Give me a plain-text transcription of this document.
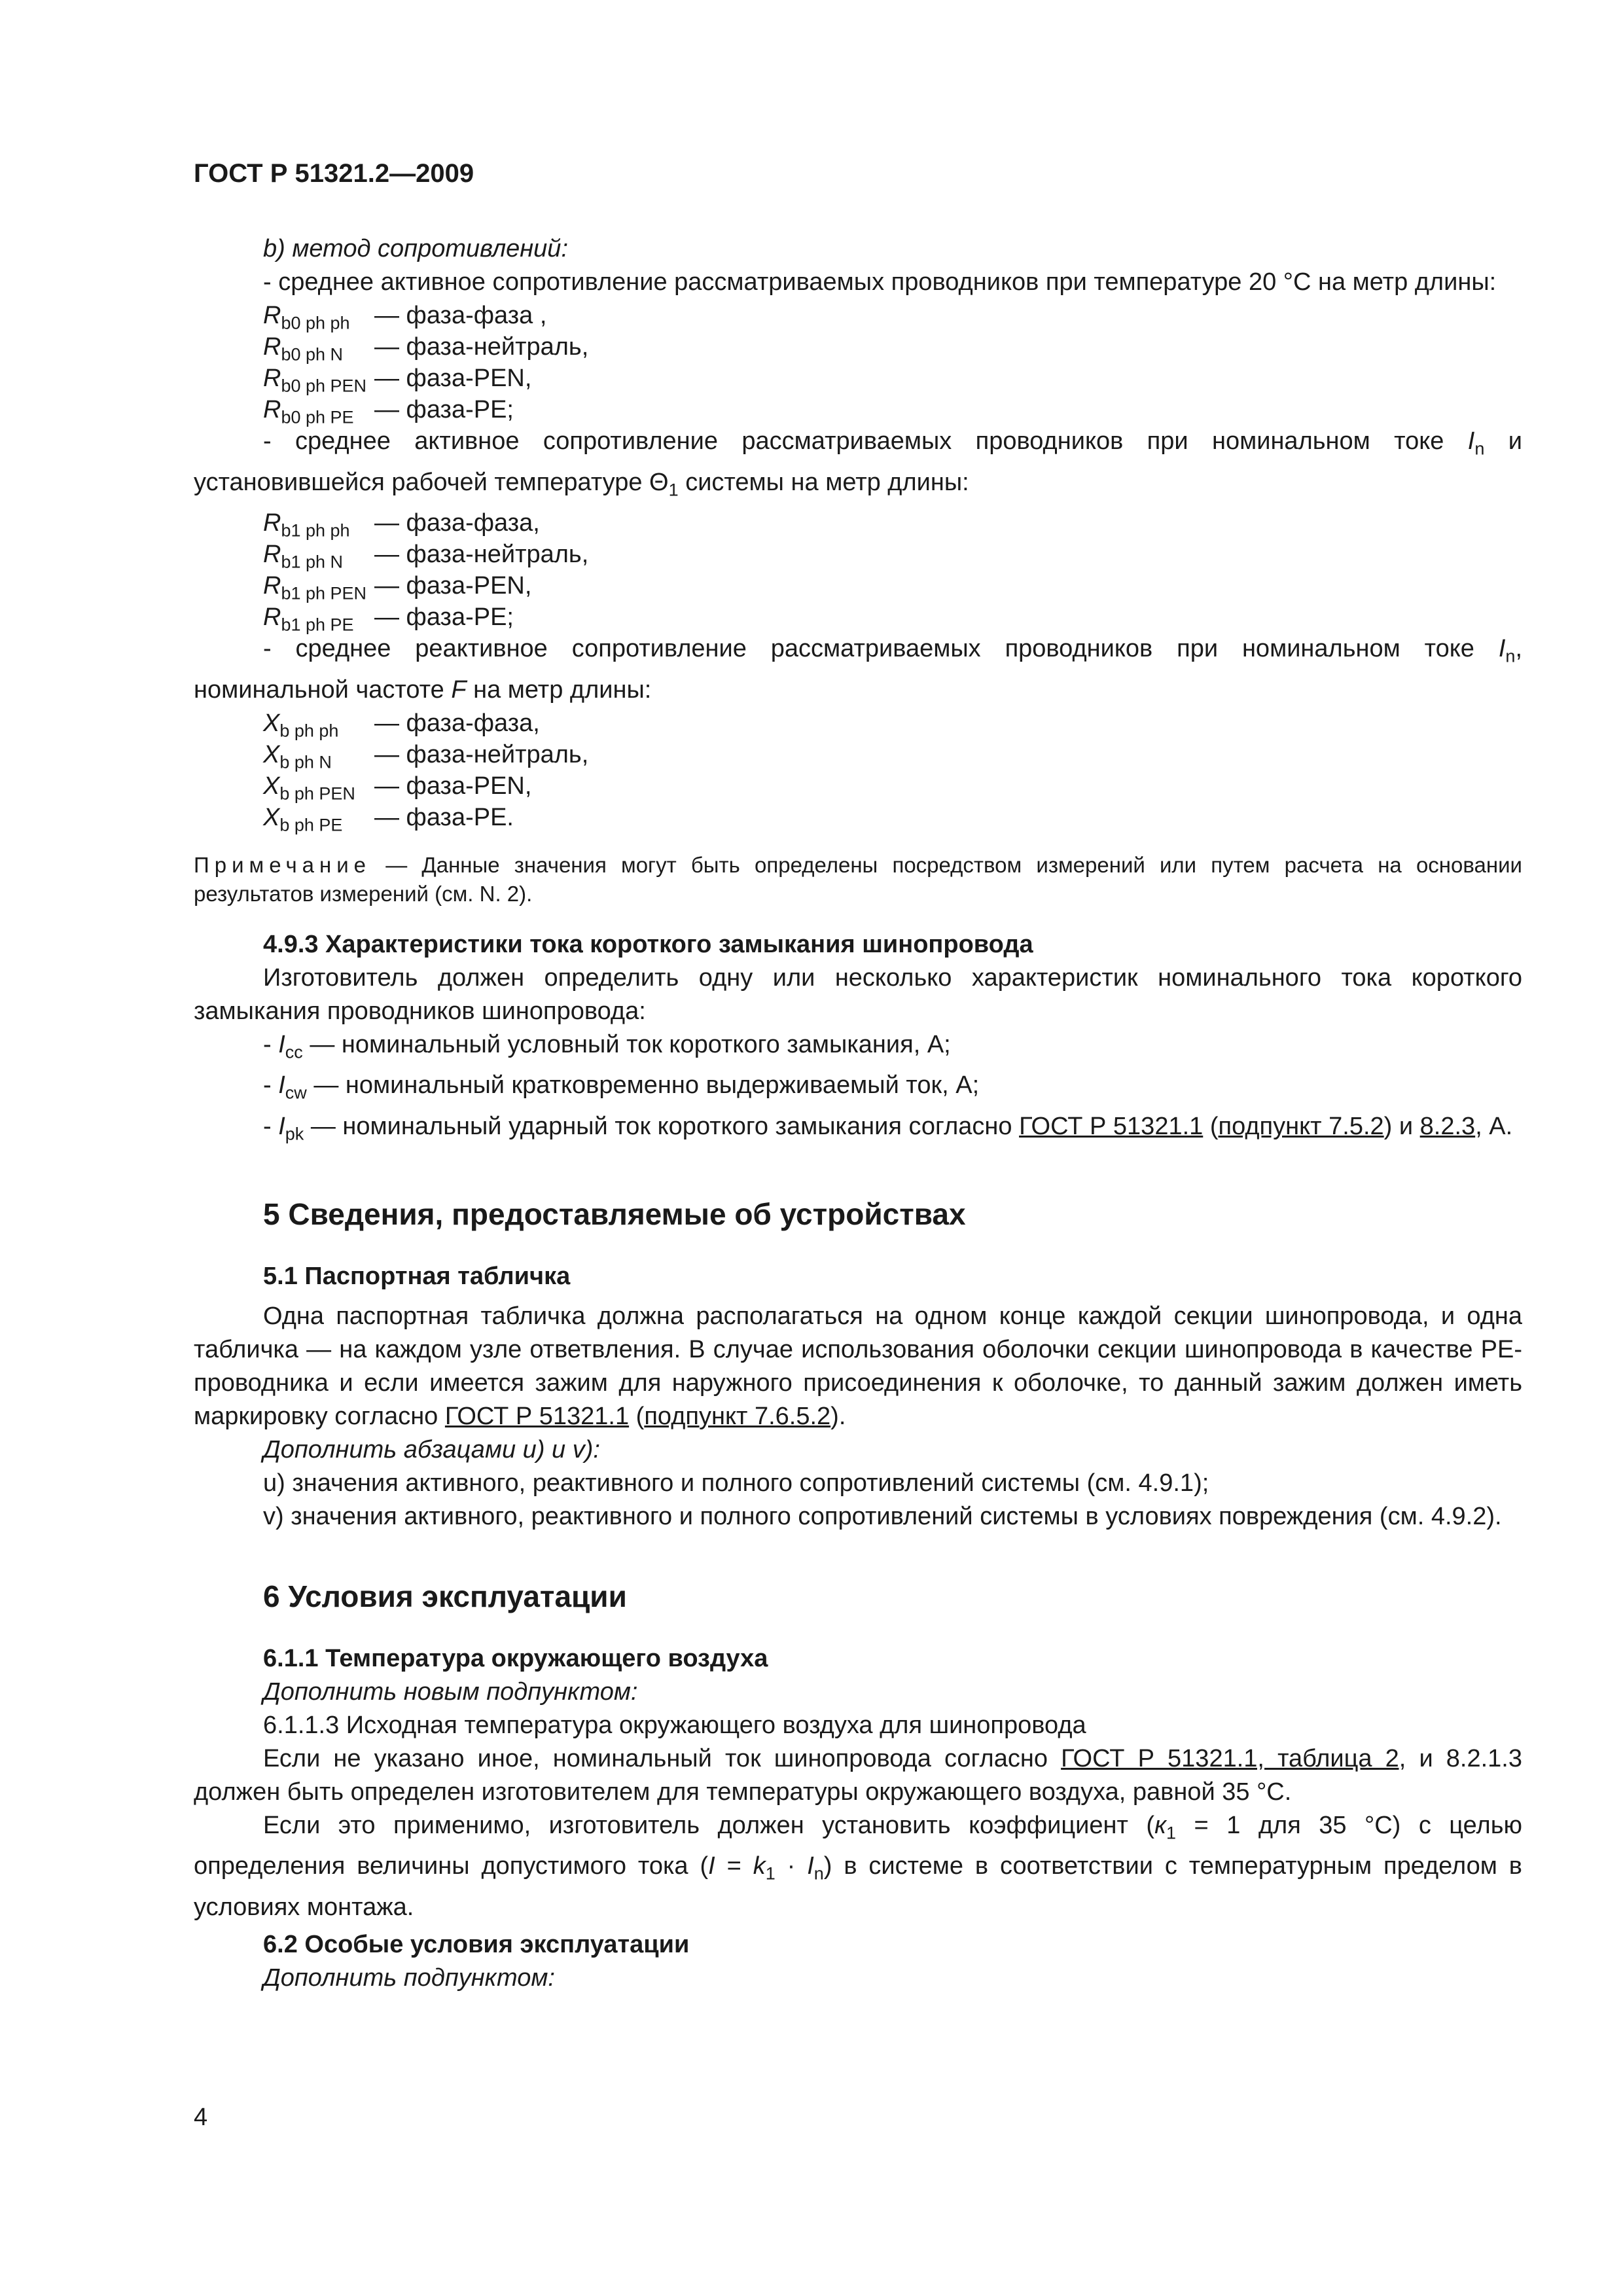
ГОСТ Р 51321.2—2009

b) метод сопротивлений:

- среднее активное сопротивление рассматриваемых проводников при температуре 20 °С на метр длины:

$R_{b0 ph ph}$ — фаза-фаза ,

$R_{b0 ph N}$ — фаза-нейтраль,

$R_{b0 ph PEN}$ — фаза-PEN,

$R_{b0 ph PE}$ — фаза-PE;

- среднее активное сопротивление рассматриваемых проводников при номинальном токе $I_n$ и установившейся рабочей температуре $\Theta_1$ системы на метр длины:

$R_{b1 ph ph}$ — фаза-фаза,

$R_{b1 ph N}$ — фаза-нейтраль,

$R_{b1 ph PEN}$ — фаза-PEN,

$R_{b1 ph PE}$ — фаза-PE;

- среднее реактивное сопротивление рассматриваемых проводников при номинальном токе $I_n$, номинальной частоте F на метр длины:

$X_{b ph ph}$ — фаза-фаза,

$X_{b ph N}$ — фаза-нейтраль,

$X_{b ph PEN}$ — фаза-PEN,

$X_{b ph PE}$ — фаза-PE.

Примечание — Данные значения могут быть определены посредством измерений или путем расчета на основании результатов измерений (см. N. 2).

4.9.3 Характеристики тока короткого замыкания шинопровода

Изготовитель должен определить одну или несколько характеристик номинального тока короткого замыкания проводников шинопровода:

- $I_{cc}$ — номинальный условный ток короткого замыкания, А;

- $I_{cw}$ — номинальный кратковременно выдерживаемый ток, А;

- $I_{pk}$ — номинальный ударный ток короткого замыкания согласно ГОСТ Р 51321.1 (подпункт 7.5.2) и 8.2.3, А.

5 Сведения, предоставляемые об устройствах

5.1 Паспортная табличка

Одна паспортная табличка должна располагаться на одном конце каждой секции шинопровода, и одна табличка — на каждом узле ответвления. В случае использования оболочки секции шинопровода в качестве РЕ-проводника и если имеется зажим для наружного присоединения к оболочке, то данный зажим должен иметь маркировку согласно ГОСТ Р 51321.1 (подпункт 7.6.5.2).

Дополнить абзацами u) и v):

u) значения активного, реактивного и полного сопротивлений системы (см. 4.9.1);

v) значения активного, реактивного и полного сопротивлений системы в условиях повреждения (см. 4.9.2).

6 Условия эксплуатации

6.1.1 Температура окружающего воздуха

Дополнить новым подпунктом:

6.1.1.3 Исходная температура окружающего воздуха для шинопровода

Если не указано иное, номинальный ток шинопровода согласно ГОСТ Р 51321.1, таблица 2, и 8.2.1.3 должен быть определен изготовителем для температуры окружающего воздуха, равной 35 °С.

Если это применимо, изготовитель должен установить коэффициент ($к_1 = 1$ для 35 °С) с целью определения величины допустимого тока $(I = k_1 \cdot I_n)$ в системе в соответствии с температурным пределом в условиях монтажа.

6.2 Особые условия эксплуатации

Дополнить подпунктом:

4
